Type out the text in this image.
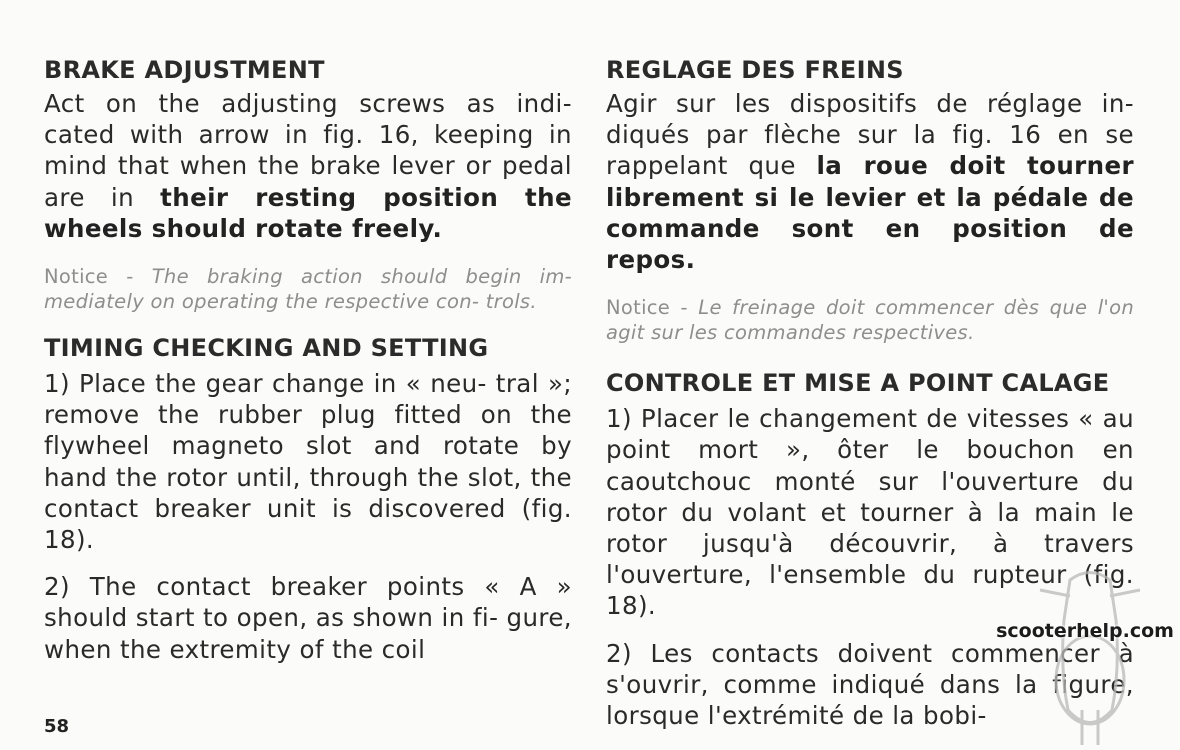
BRAKE ADJUSTMENT

Act on the adjusting screws as indi- cated with arrow in fig. 16, keeping in mind that when the brake lever or pedal are in their resting position the wheels should rotate freely.

Notice - The braking action should begin im- mediately on operating the respective con- trols.

TIMING CHECKING AND SETTING

1) Place the gear change in « neu- tral »; remove the rubber plug fitted on the flywheel magneto slot and rotate by hand the rotor until, through the slot, the contact breaker unit is discovered (fig. 18).

2) The contact breaker points « A » should start to open, as shown in fi- gure, when the extremity of the coil

REGLAGE DES FREINS

Agir sur les dispositifs de réglage in- diqués par flèche sur la fig. 16 en se rappelant que la roue doit tourner librement si le levier et la pédale de commande sont en position de repos.

Notice - Le freinage doit commencer dès que l'on agit sur les commandes respectives.

CONTROLE ET MISE A POINT CALAGE

1) Placer le changement de vitesses « au point mort », ôter le bouchon en caoutchouc monté sur l'ouverture du rotor du volant et tourner à la main le rotor jusqu'à découvrir, à travers l'ouverture, l'ensemble du rupteur (fig. 18).

2) Les contacts doivent commencer à s'ouvrir, comme indiqué dans la figure, lorsque l'extrémité de la bobi-

58
scooterhelp.com
